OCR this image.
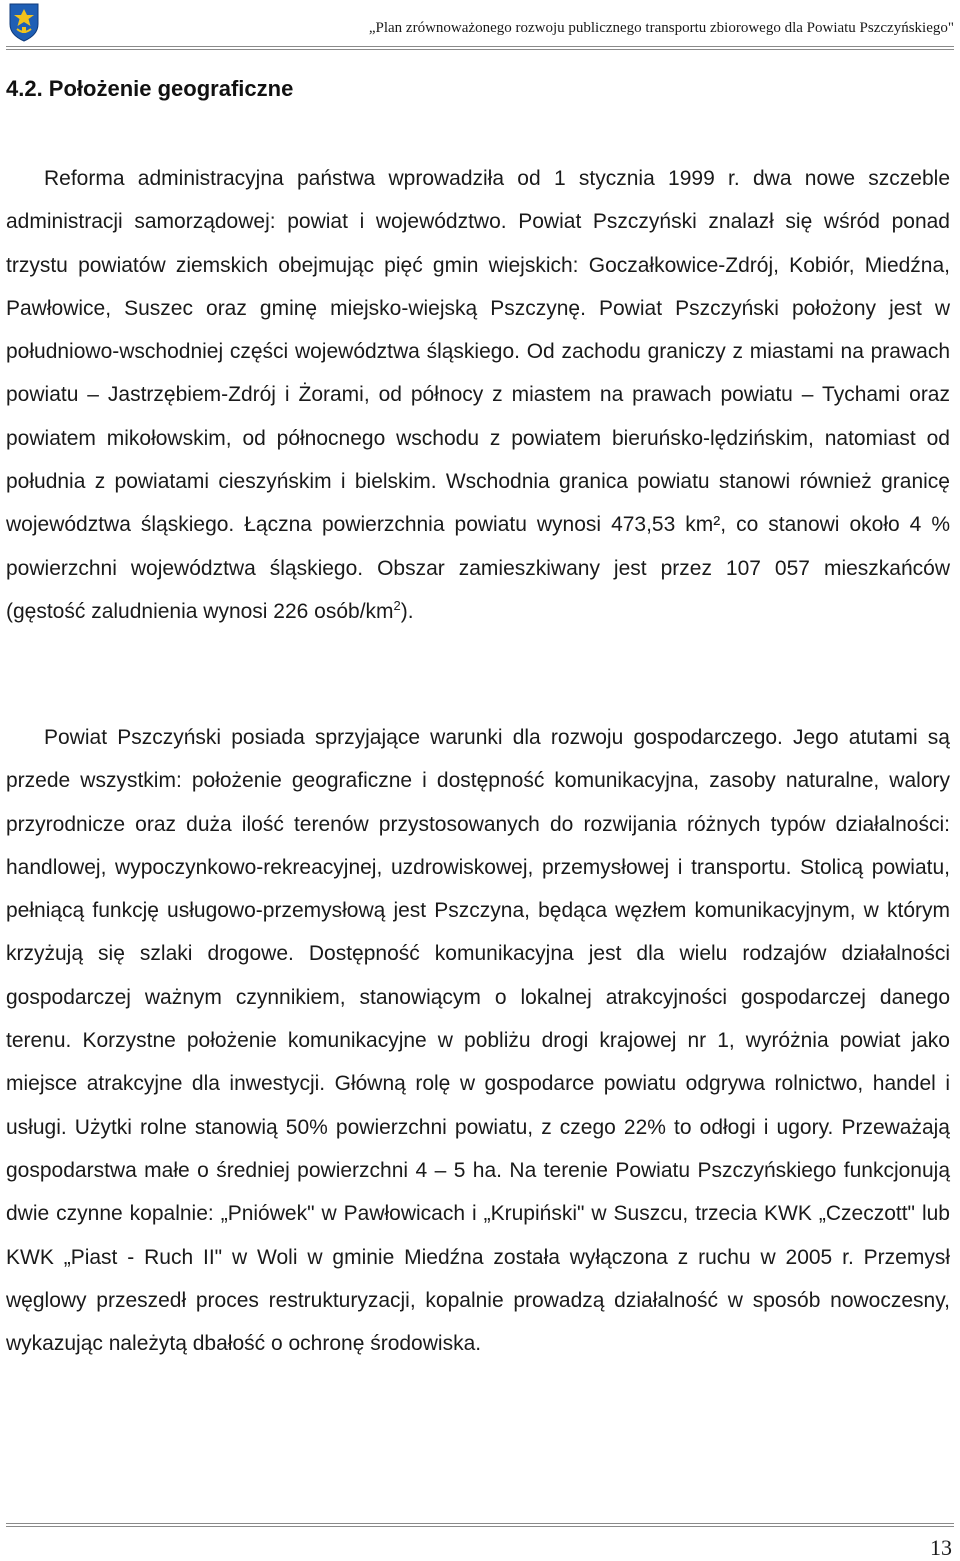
„Plan zrównoważonego rozwoju publicznego transportu zbiorowego dla Powiatu Pszczyńskiego"
4.2. Położenie geograficzne

Reforma administracyjna państwa wprowadziła od 1 stycznia 1999 r. dwa nowe szczeble administracji samorządowej: powiat i województwo. Powiat Pszczyński znalazł się wśród ponad trzystu powiatów ziemskich obejmując pięć gmin wiejskich: Goczałkowice-Zdrój, Kobiór, Miedźna, Pawłowice, Suszec oraz gminę miejsko-wiejską Pszczynę. Powiat Pszczyński położony jest w południowo-wschodniej części województwa śląskiego. Od zachodu graniczy z miastami na prawach powiatu – Jastrzębiem-Zdrój i Żorami, od północy z miastem na prawach powiatu – Tychami oraz powiatem mikołowskim, od północnego wschodu z powiatem bieruńsko-lędzińskim, natomiast od południa z powiatami cieszyńskim i bielskim. Wschodnia granica powiatu stanowi również granicę województwa śląskiego. Łączna powierzchnia powiatu wynosi 473,53 km², co stanowi około 4 % powierzchni województwa śląskiego. Obszar zamieszkiwany jest przez 107 057 mieszkańców (gęstość zaludnienia wynosi 226 osób/$km^2$).

Powiat Pszczyński posiada sprzyjające warunki dla rozwoju gospodarczego. Jego atutami są przede wszystkim: położenie geograficzne i dostępność komunikacyjna, zasoby naturalne, walory przyrodnicze oraz duża ilość terenów przystosowanych do rozwijania różnych typów działalności: handlowej, wypoczynkowo-rekreacyjnej, uzdrowiskowej, przemysłowej i transportu. Stolicą powiatu, pełniącą funkcję usługowo-przemysłową jest Pszczyna, będąca węzłem komunikacyjnym, w którym krzyżują się szlaki drogowe. Dostępność komunikacyjna jest dla wielu rodzajów działalności gospodarczej ważnym czynnikiem, stanowiącym o lokalnej atrakcyjności gospodarczej danego terenu. Korzystne położenie komunikacyjne w pobliżu drogi krajowej nr 1, wyróżnia powiat jako miejsce atrakcyjne dla inwestycji. Główną rolę w gospodarce powiatu odgrywa rolnictwo, handel i usługi. Użytki rolne stanowią 50% powierzchni powiatu, z czego 22% to odłogi i ugory. Przeważają gospodarstwa małe o średniej powierzchni 4 – 5 ha. Na terenie Powiatu Pszczyńskiego funkcjonują dwie czynne kopalnie: „Pniówek" w Pawłowicach i „Krupiński" w Suszcu, trzecia KWK „Czeczott" lub KWK „Piast - Ruch II" w Woli w gminie Miedźna została wyłączona z ruchu w 2005 r. Przemysł węglowy przeszedł proces restrukturyzacji, kopalnie prowadzą działalność w sposób nowoczesny, wykazując należytą dbałość o ochronę środowiska.

13
